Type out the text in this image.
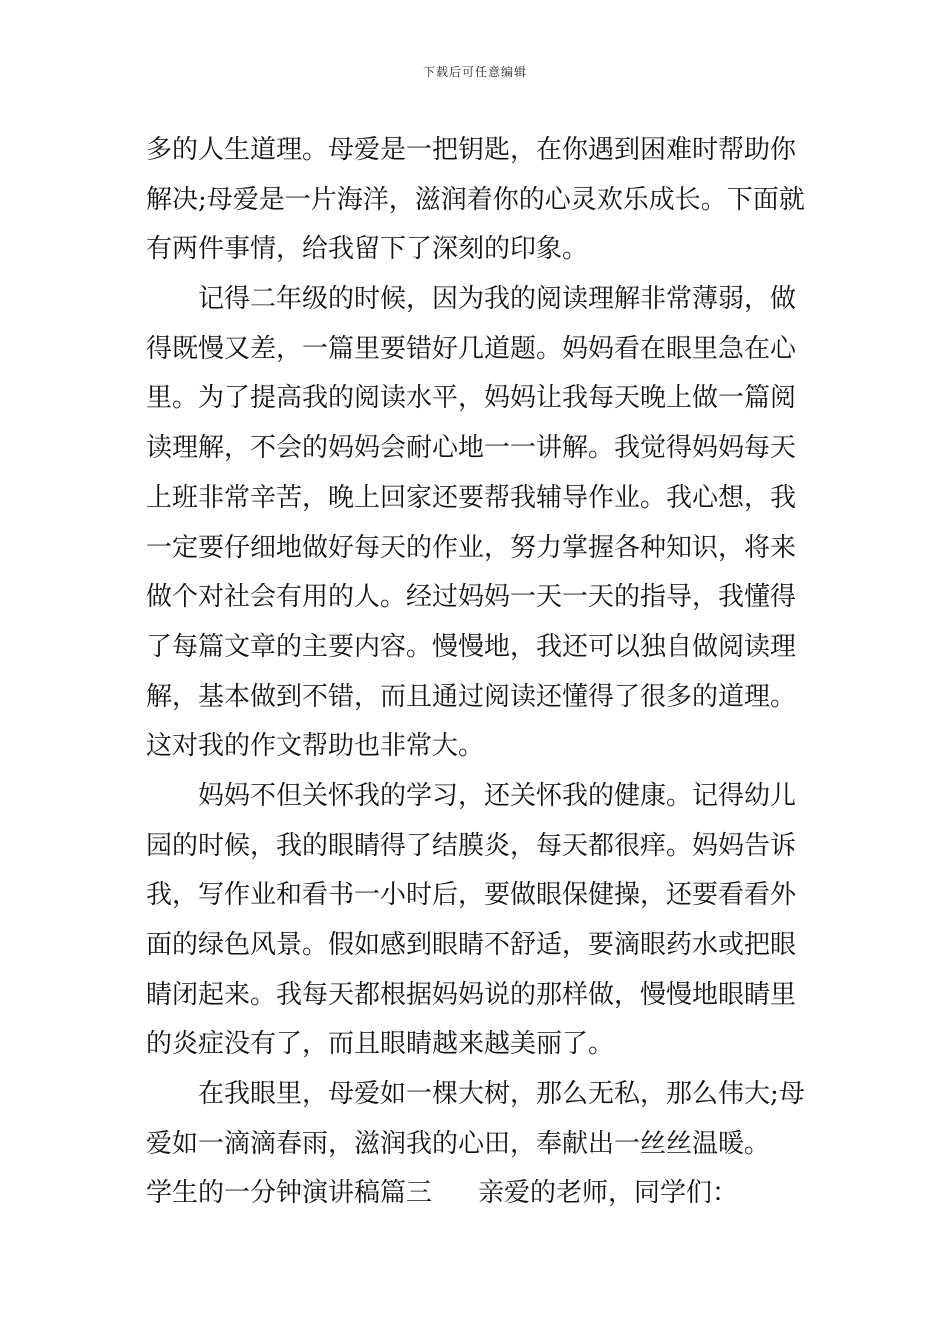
下载后可任意编辑
多的人生道理。母爱是一把钥匙，在你遇到困难时帮助你
解决;母爱是一片海洋，滋润着你的心灵欢乐成长。下面就
有两件事情，给我留下了深刻的印象。
记得二年级的时候，因为我的阅读理解非常薄弱，做
得既慢又差，一篇里要错好几道题。妈妈看在眼里急在心
里。为了提高我的阅读水平，妈妈让我每天晚上做一篇阅
读理解，不会的妈妈会耐心地一一讲解。我觉得妈妈每天
上班非常辛苦，晚上回家还要帮我辅导作业。我心想，我
一定要仔细地做好每天的作业，努力掌握各种知识，将来
做个对社会有用的人。经过妈妈一天一天的指导，我懂得
了每篇文章的主要内容。慢慢地，我还可以独自做阅读理
解，基本做到不错，而且通过阅读还懂得了很多的道理。
这对我的作文帮助也非常大。
妈妈不但关怀我的学习，还关怀我的健康。记得幼儿
园的时候，我的眼睛得了结膜炎，每天都很痒。妈妈告诉
我，写作业和看书一小时后，要做眼保健操，还要看看外
面的绿色风景。假如感到眼睛不舒适，要滴眼药水或把眼
睛闭起来。我每天都根据妈妈说的那样做，慢慢地眼睛里
的炎症没有了，而且眼睛越来越美丽了。
在我眼里，母爱如一棵大树，那么无私，那么伟大;母
爱如一滴滴春雨，滋润我的心田，奉献出一丝丝温暖。
学生的一分钟演讲稿篇三 亲爱的老师，同学们：
